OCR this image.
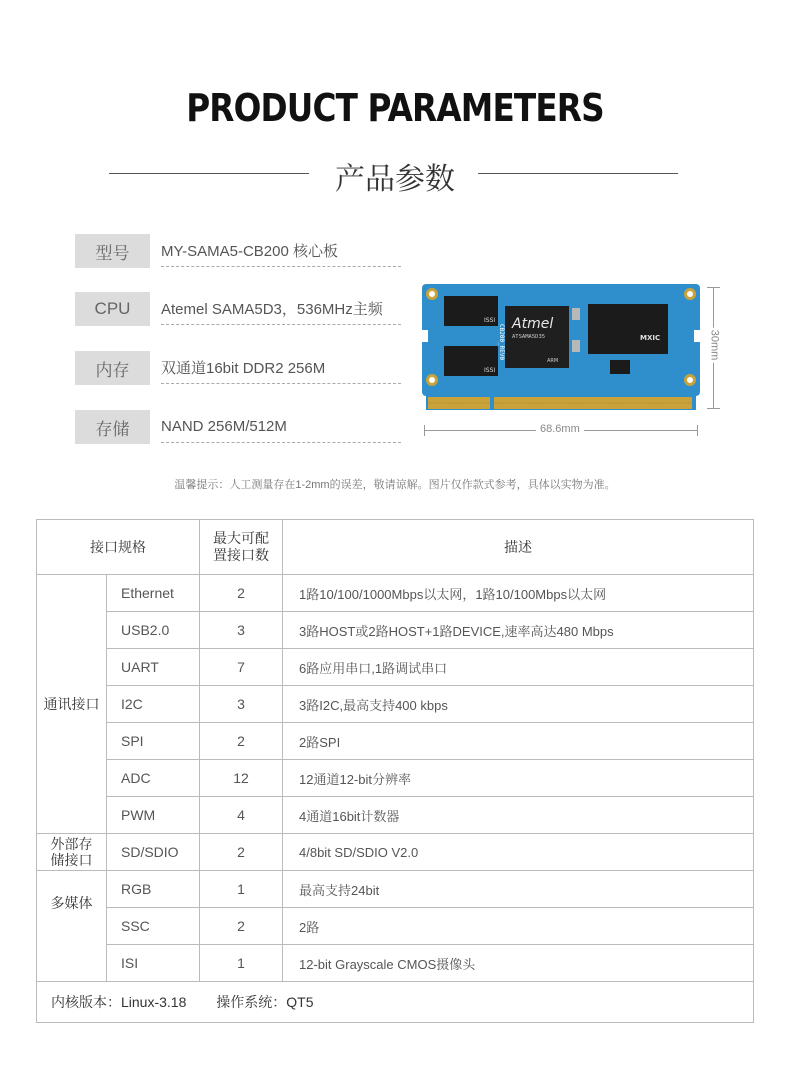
PRODUCT PARAMETERS
产品参数
型号	MY-SAMA5-CB200 核心板
CPU	Atemel SAMA5D3，536MHz主频
内存	双通道16bit DDR2 256M
存储	NAND 256M/512M
ISSI
ISSI
CB200_REV0 Atmel
ATSAMA5D35
ARM
MXIC
68.6mm
30mm
温馨提示：人工测量存在1-2mm的误差，敬请谅解。图片仅作款式参考，具体以实物为准。
接口规格		最大可配置接口数	描述
通讯接口	Ethernet	2	1路10/100/1000Mbps以太网，1路10/100Mbps以太网
	USB2.0	3	3路HOST或2路HOST+1路DEVICE,速率高达480 Mbps
	UART	7	6路应用串口,1路调试串口
	I2C	3	3路I2C,最高支持400 kbps
	SPI	2	2路SPI
	ADC	12	12通道12-bit分辨率
	PWM	4	4通道16bit计数器

外部存储接口	SD/SDIO	2	4/8bit SD/SDIO V2.0
多媒体	RGB	1	最高支持24bit
	SSC	2	2路
	ISI	1	12-bit Grayscale CMOS摄像头
内核版本：Linux-3.18 操作系统：QT5			
